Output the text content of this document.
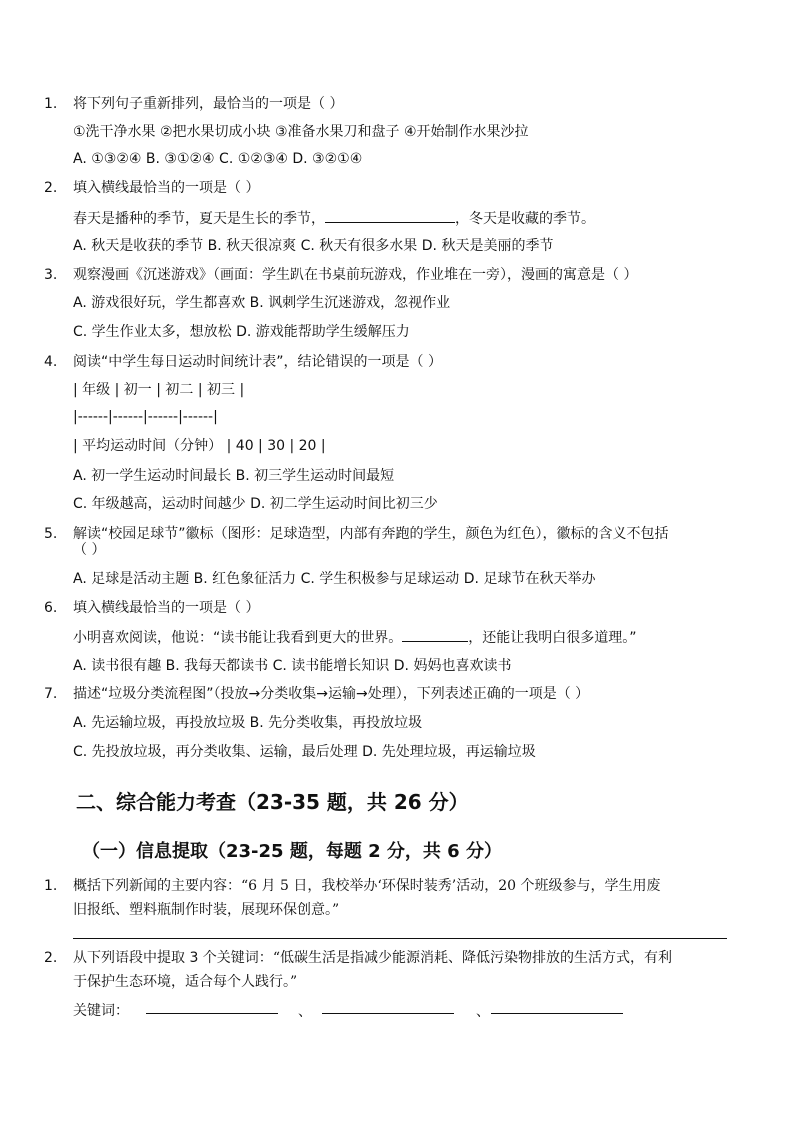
1. 将下列句子重新排列，最恰当的一项是（ ）
①洗干净水果 ②把水果切成小块 ③准备水果刀和盘子 ④开始制作水果沙拉
A. ①③②④ B. ③①②④ C. ①②③④ D. ③②①④
2. 填入横线最恰当的一项是（ ）
春天是播种的季节，夏天是生长的季节，	，冬天是收藏的季节。
A. 秋天是收获的季节 B. 秋天很凉爽 C. 秋天有很多水果 D. 秋天是美丽的季节
3. 观察漫画《沉迷游戏》（画面：学生趴在书桌前玩游戏，作业堆在一旁），漫画的寓意是（ ）
A. 游戏很好玩，学生都喜欢 B. 讽刺学生沉迷游戏，忽视作业
C. 学生作业太多，想放松 D. 游戏能帮助学生缓解压力
4. 阅读“中学生每日运动时间统计表”，结论错误的一项是（ ）
| 年级 | 初一 | 初二 | 初三 |
|------|------|------|------|
| 平均运动时间（分钟） | 40 | 30 | 20 |
A. 初一学生运动时间最长 B. 初三学生运动时间最短
C. 年级越高，运动时间越少 D. 初二学生运动时间比初三少
5. 解读“校园足球节”徽标（图形：足球造型，内部有奔跑的学生，颜色为红色），徽标的含义不包括
（ ）
A. 足球是活动主题 B. 红色象征活力 C. 学生积极参与足球运动 D. 足球节在秋天举办
6. 填入横线最恰当的一项是（ ）
小明喜欢阅读，他说：“读书能让我看到更大的世界。	，还能让我明白很多道理。”
A. 读书很有趣 B. 我每天都读书 C. 读书能增长知识 D. 妈妈也喜欢读书
7. 描述“垃圾分类流程图”（投放→分类收集→运输→处理），下列表述正确的一项是（ ）
A. 先运输垃圾，再投放垃圾 B. 先分类收集，再投放垃圾
C. 先投放垃圾，再分类收集、运输，最后处理 D. 先处理垃圾，再运输垃圾
二、综合能力考查（23-35 题，共 26 分）
（一）信息提取（23-25 题，每题 2 分，共 6 分）
1. 概括下列新闻的主要内容：“6 月 5 日，我校举办‘环保时装秀’活动，20 个班级参与，学生用废
旧报纸、塑料瓶制作时装，展现环保创意。”
2. 从下列语段中提取 3 个关键词：“低碳生活是指减少能源消耗、降低污染物排放的生活方式，有利
于保护生态环境，适合每个人践行。”
关键词：	、	、
